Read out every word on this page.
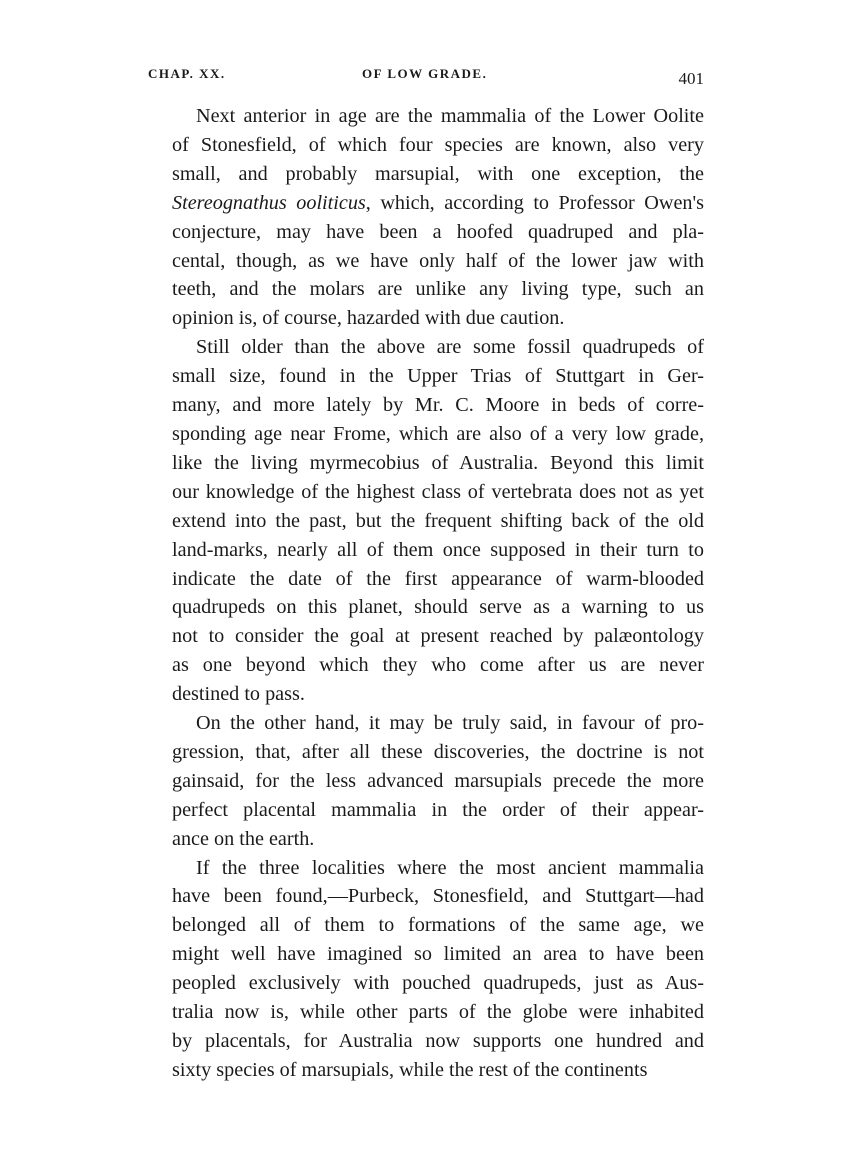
CHAP. XX.	OF LOW GRADE.	401
Next anterior in age are the mammalia of the Lower Oolite
of Stonesfield, of which four species are known, also very
small, and probably marsupial, with one exception, the
Stereognathus ooliticus, which, according to Professor Owen's
conjecture, may have been a hoofed quadruped and pla-
cental, though, as we have only half of the lower jaw with
teeth, and the molars are unlike any living type, such an
opinion is, of course, hazarded with due caution.
Still older than the above are some fossil quadrupeds of
small size, found in the Upper Trias of Stuttgart in Ger-
many, and more lately by Mr. C. Moore in beds of corre-
sponding age near Frome, which are also of a very low grade,
like the living myrmecobius of Australia. Beyond this limit
our knowledge of the highest class of vertebrata does not as yet
extend into the past, but the frequent shifting back of the old
land-marks, nearly all of them once supposed in their turn to
indicate the date of the first appearance of warm-blooded
quadrupeds on this planet, should serve as a warning to us
not to consider the goal at present reached by palæontology
as one beyond which they who come after us are never
destined to pass.
On the other hand, it may be truly said, in favour of pro-
gression, that, after all these discoveries, the doctrine is not
gainsaid, for the less advanced marsupials precede the more
perfect placental mammalia in the order of their appear-
ance on the earth.
If the three localities where the most ancient mammalia
have been found,—Purbeck, Stonesfield, and Stuttgart—had
belonged all of them to formations of the same age, we
might well have imagined so limited an area to have been
peopled exclusively with pouched quadrupeds, just as Aus-
tralia now is, while other parts of the globe were inhabited
by placentals, for Australia now supports one hundred and
sixty species of marsupials, while the rest of the continents
